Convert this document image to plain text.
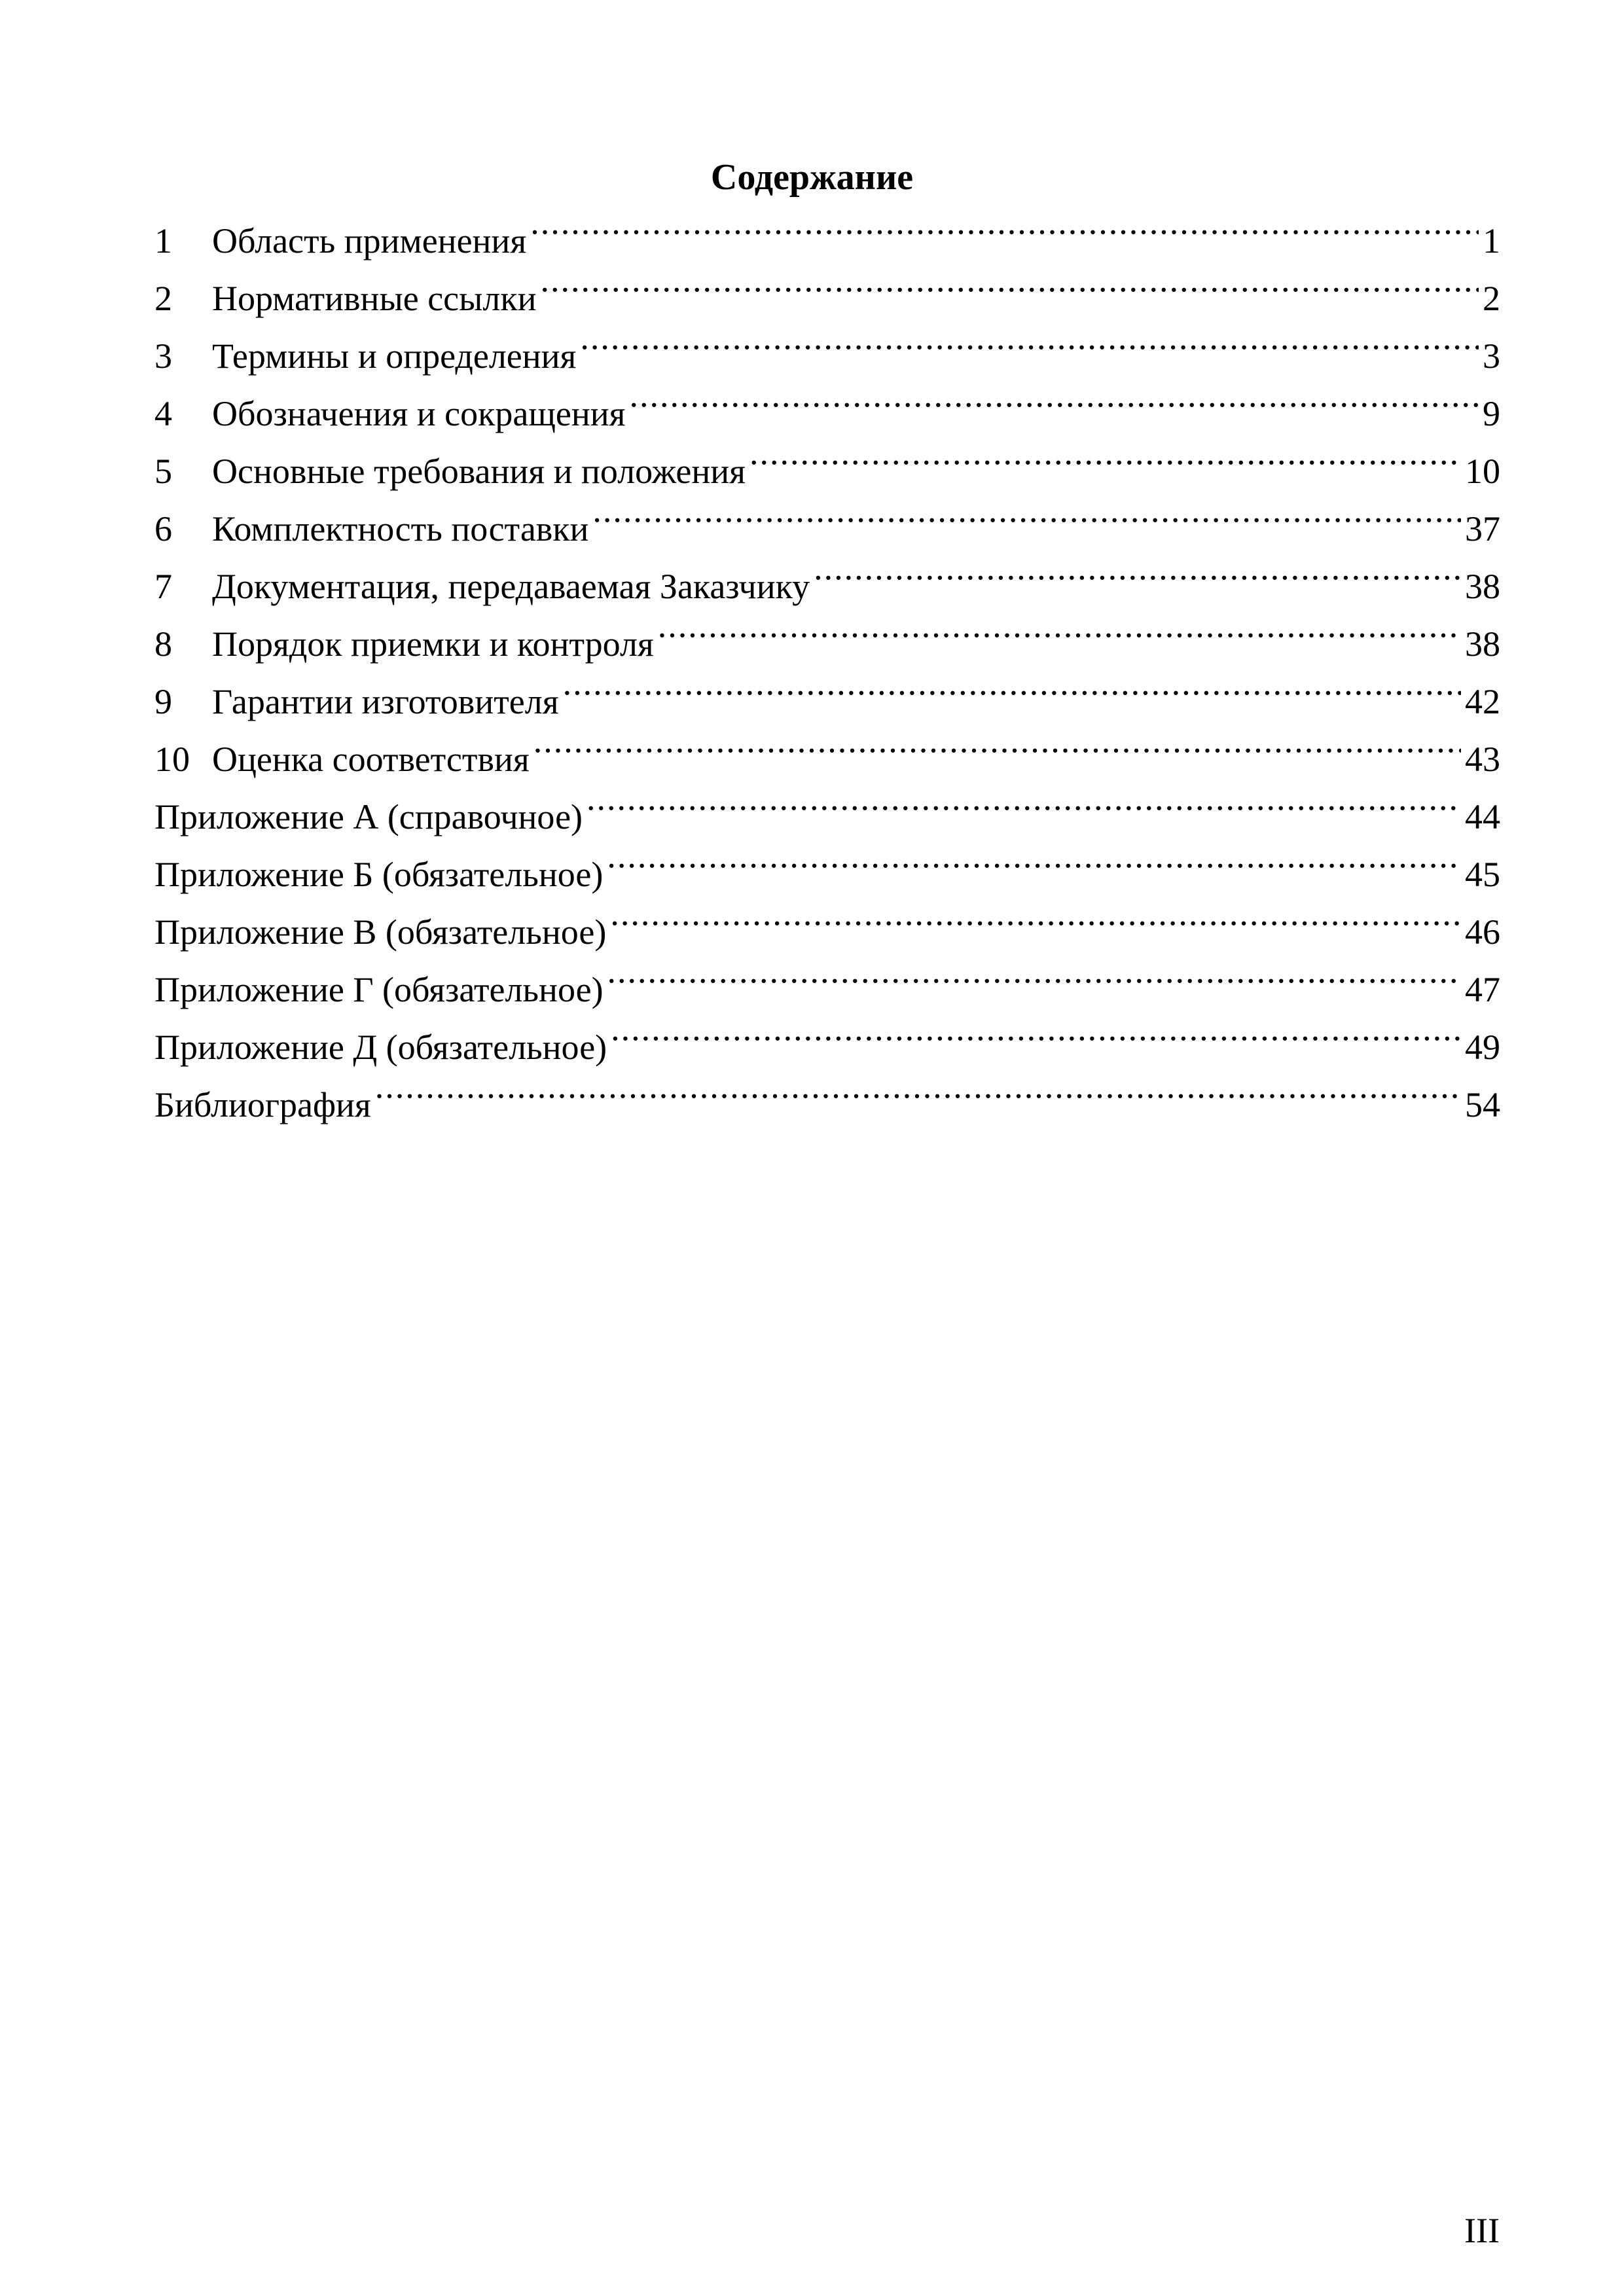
Содержание
1	Область применения .....	1
2	Нормативные ссылки .....	2
3	Термины и определения .....	3
4	Обозначения и сокращения .....	9
5	Основные требования и положения .....	10
6	Комплектность поставки .....	37
7	Документация, передаваемая Заказчику .....	38
8	Порядок приемки и контроля .....	38
9	Гарантии изготовителя .....	42
10 Оценка соответствия .....	43
Приложение А (справочное) .....	44
Приложение Б (обязательное) .....	45
Приложение В (обязательное) .....	46
Приложение Г (обязательное) .....	47
Приложение Д (обязательное) .....	49
Библиография .....	54

III
